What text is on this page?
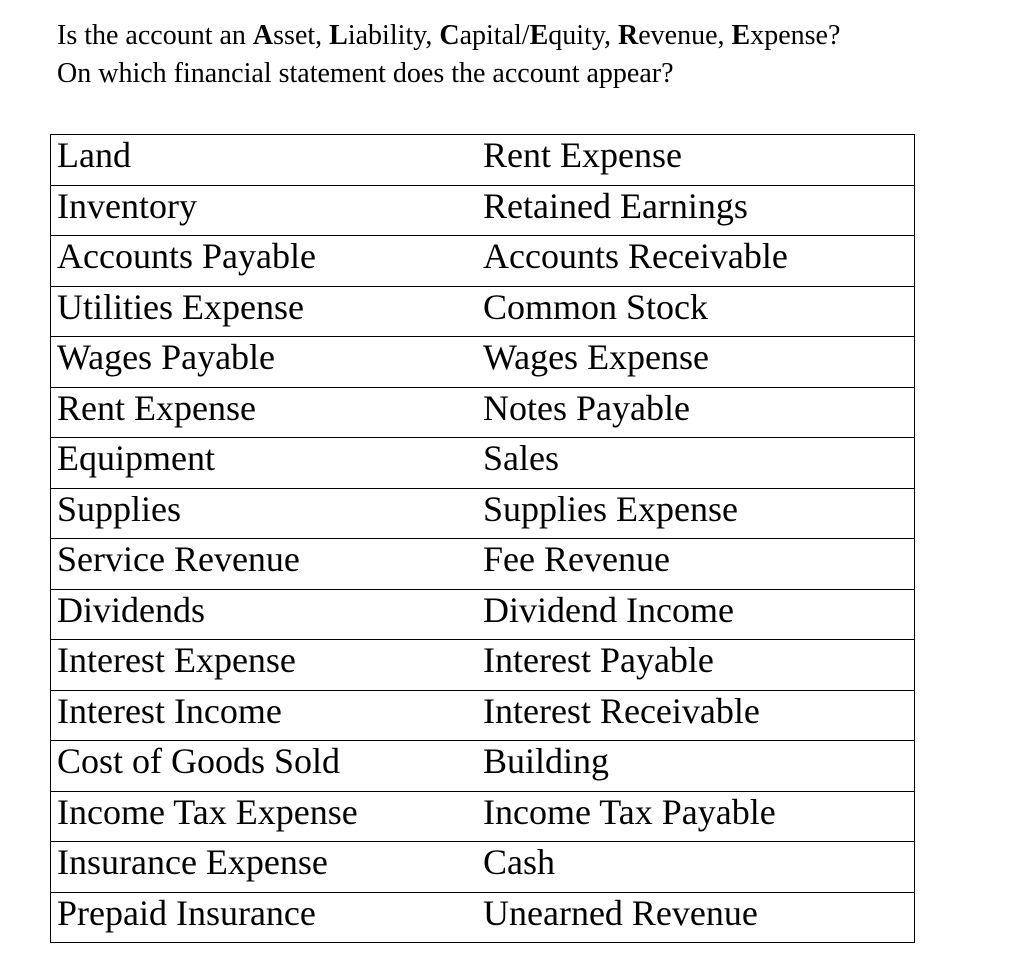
Is the account an Asset, Liability, Capital/Equity, Revenue, Expense?

On which financial statement does the account appear?

Land	Rent Expense
Inventory	Retained Earnings
Accounts Payable	Accounts Receivable
Utilities Expense	Common Stock
Wages Payable	Wages Expense
Rent Expense	Notes Payable
Equipment	Sales
Supplies	Supplies Expense
Service Revenue	Fee Revenue
Dividends	Dividend Income
Interest Expense	Interest Payable
Interest Income	Interest Receivable
Cost of Goods Sold	Building
Income Tax Expense	Income Tax Payable
Insurance Expense	Cash
Prepaid Insurance	Unearned Revenue
